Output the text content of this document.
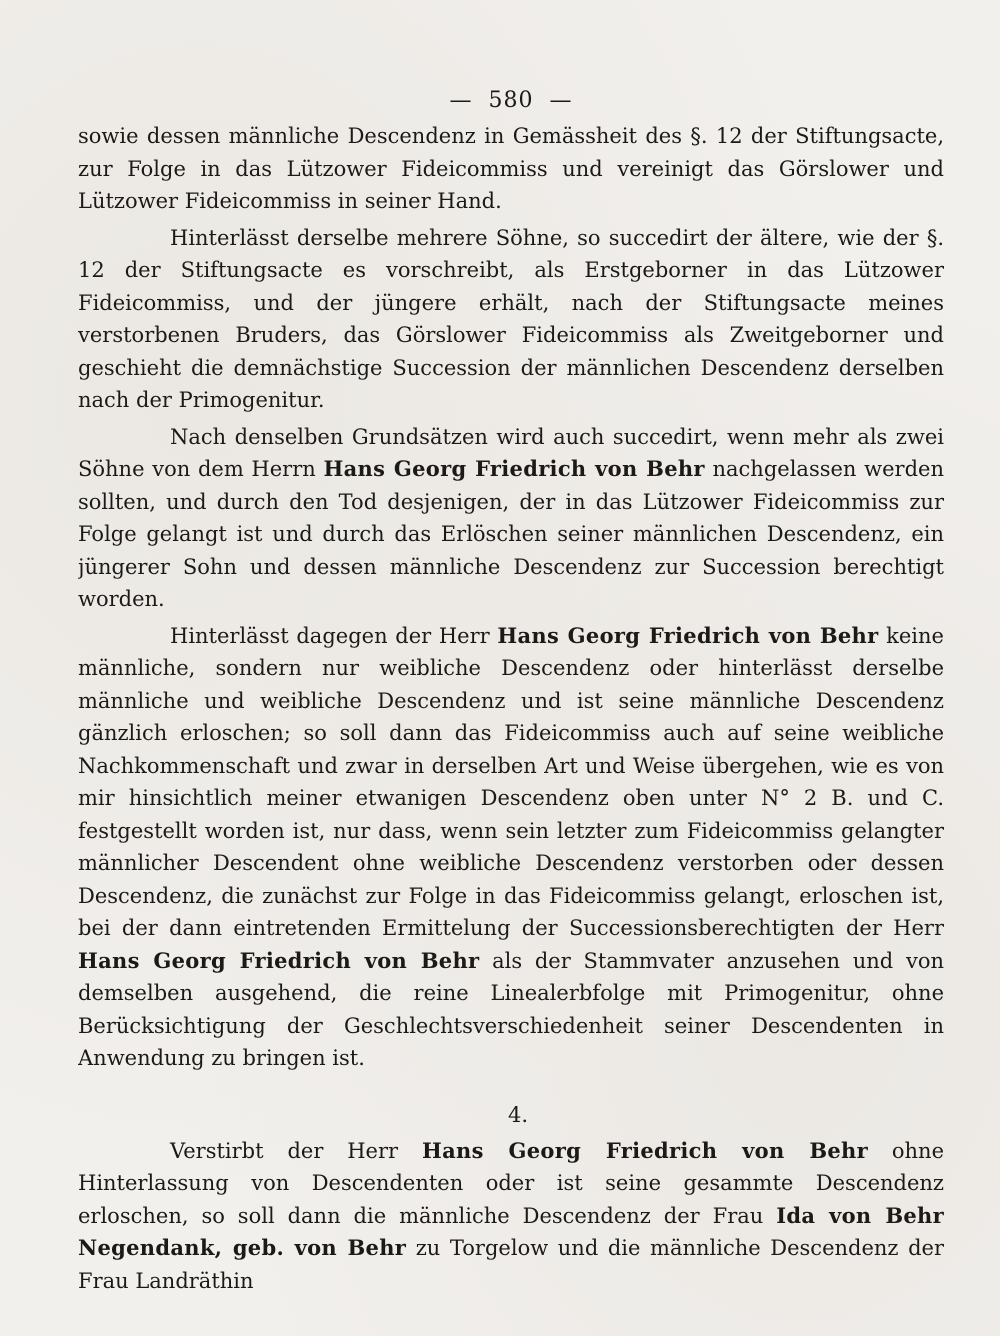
— 580 —

sowie dessen männliche Descendenz in Gemässheit des §. 12 der Stiftungsacte, zur Folge in das Lützower Fideicommiss und vereinigt das Görslower und Lützower Fideicommiss in seiner Hand.

Hinterlässt derselbe mehrere Söhne, so succedirt der ältere, wie der §. 12 der Stiftungsacte es vorschreibt, als Erstgeborner in das Lützower Fideicommiss, und der jüngere erhält, nach der Stiftungsacte meines verstorbenen Bruders, das Görslower Fideicommiss als Zweitgeborner und geschieht die demnächstige Succession der männlichen Descendenz derselben nach der Primogenitur.

Nach denselben Grundsätzen wird auch succedirt, wenn mehr als zwei Söhne von dem Herrn Hans Georg Friedrich von Behr nachgelassen werden sollten, und durch den Tod desjenigen, der in das Lützower Fideicommiss zur Folge gelangt ist und durch das Erlöschen seiner männlichen Descendenz, ein jüngerer Sohn und dessen männliche Descendenz zur Succession berechtigt worden.

Hinterlässt dagegen der Herr Hans Georg Friedrich von Behr keine männliche, sondern nur weibliche Descendenz oder hinterlässt derselbe männliche und weibliche Descendenz und ist seine männliche Descendenz gänzlich erloschen; so soll dann das Fideicommiss auch auf seine weibliche Nachkommenschaft und zwar in derselben Art und Weise übergehen, wie es von mir hinsichtlich meiner etwanigen Descendenz oben unter N° 2 B. und C. festgestellt worden ist, nur dass, wenn sein letzter zum Fideicommiss gelangter männlicher Descendent ohne weibliche Descendenz verstorben oder dessen Descendenz, die zunächst zur Folge in das Fideicommiss gelangt, erloschen ist, bei der dann eintretenden Ermittelung der Successionsberechtigten der Herr Hans Georg Friedrich von Behr als der Stammvater anzusehen und von demselben ausgehend, die reine Linealerbfolge mit Primogenitur, ohne Berücksichtigung der Geschlechtsverschiedenheit seiner Descendenten in Anwendung zu bringen ist.

4.

Verstirbt der Herr Hans Georg Friedrich von Behr ohne Hinterlassung von Descendenten oder ist seine gesammte Descendenz erloschen, so soll dann die männliche Descendenz der Frau Ida von Behr Negendank, geb. von Behr zu Torgelow und die männliche Descendenz der Frau Landräthin
